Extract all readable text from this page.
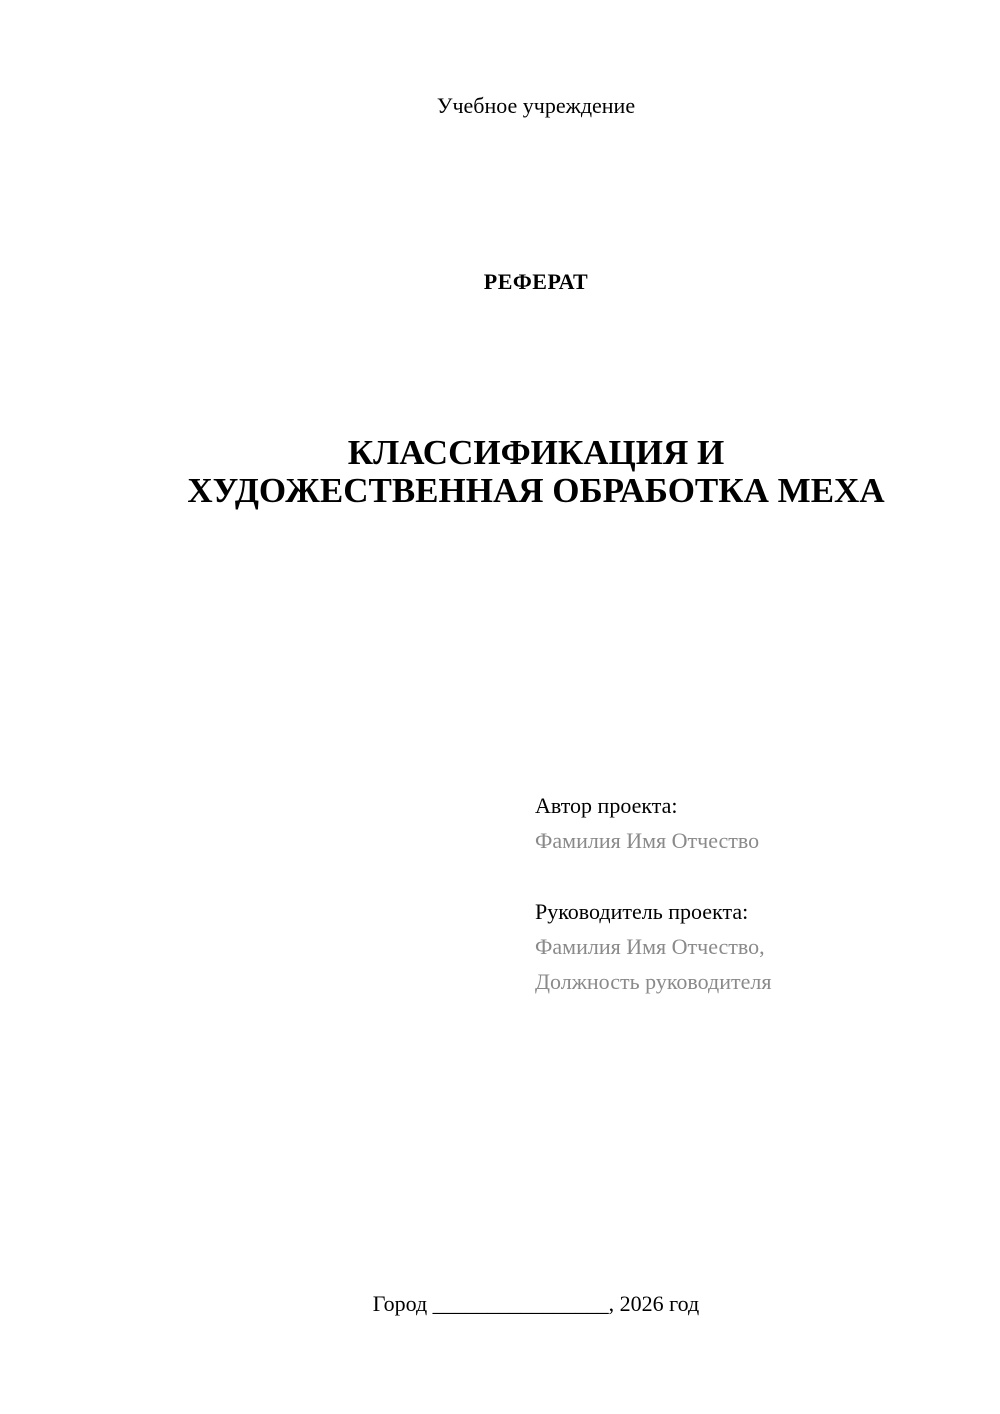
Учебное учреждение
РЕФЕРАТ
КЛАССИФИКАЦИЯ И
ХУДОЖЕСТВЕННАЯ ОБРАБОТКА МЕХА
Автор проекта:
Фамилия Имя Отчество
Руководитель проекта:
Фамилия Имя Отчество,
Должность руководителя
Город ________________, 2026 год
